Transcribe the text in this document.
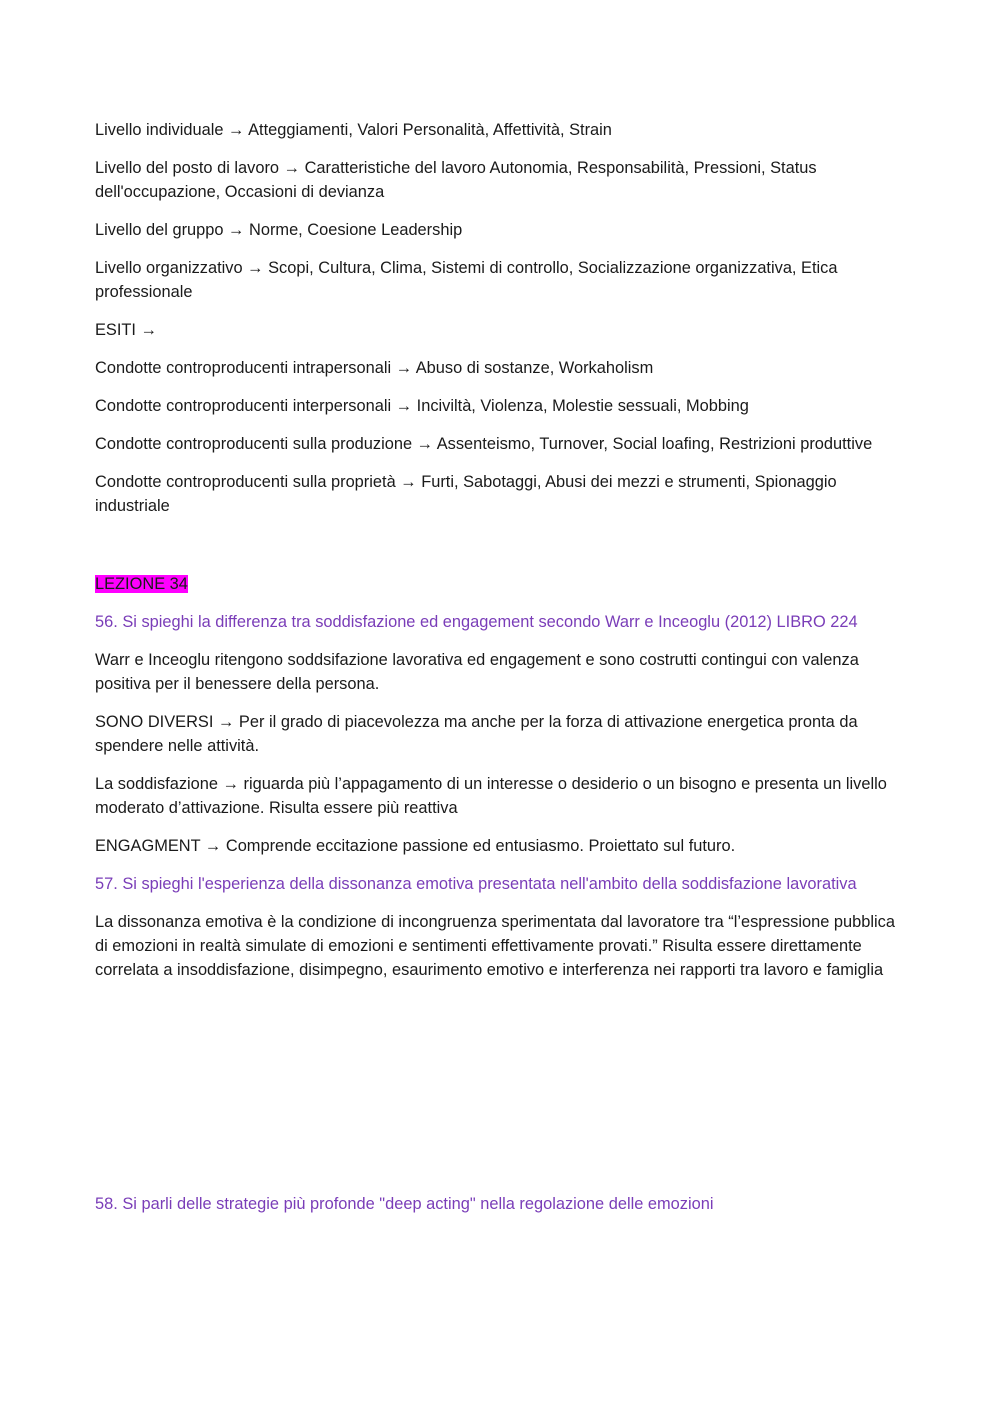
Livello individuale → Atteggiamenti, Valori Personalità, Affettività, Strain

Livello del posto di lavoro → Caratteristiche del lavoro Autonomia, Responsabilità, Pressioni, Status dell'occupazione, Occasioni di devianza

Livello del gruppo → Norme, Coesione Leadership

Livello organizzativo → Scopi, Cultura, Clima, Sistemi di controllo, Socializzazione organizzativa, Etica professionale

ESITI →

Condotte controproducenti intrapersonali → Abuso di sostanze, Workaholism

Condotte controproducenti interpersonali → Inciviltà, Violenza, Molestie sessuali, Mobbing

Condotte controproducenti sulla produzione → Assenteismo, Turnover, Social loafing, Restrizioni produttive

Condotte controproducenti sulla proprietà → Furti, Sabotaggi, Abusi dei mezzi e strumenti, Spionaggio industriale

LEZIONE 34

56. Si spieghi la differenza tra soddisfazione ed engagement secondo Warr e Inceoglu (2012) LIBRO 224

Warr e Inceoglu ritengono soddsifazione lavorativa ed engagement e sono costrutti contingui con valenza positiva per il benessere della persona.

SONO DIVERSI → Per il grado di piacevolezza ma anche per la forza di attivazione energetica pronta da spendere nelle attività.

La soddisfazione → riguarda più l’appagamento di un interesse o desiderio o un bisogno e presenta un livello moderato d’attivazione. Risulta essere più reattiva

ENGAGMENT → Comprende eccitazione passione ed entusiasmo. Proiettato sul futuro.

57. Si spieghi l'esperienza della dissonanza emotiva presentata nell'ambito della soddisfazione lavorativa

La dissonanza emotiva è la condizione di incongruenza sperimentata dal lavoratore tra “l’espressione pubblica di emozioni in realtà simulate di emozioni e sentimenti effettivamente provati.” Risulta essere direttamente correlata a insoddisfazione, disimpegno, esaurimento emotivo e interferenza nei rapporti tra lavoro e famiglia

58. Si parli delle strategie più profonde "deep acting" nella regolazione delle emozioni
